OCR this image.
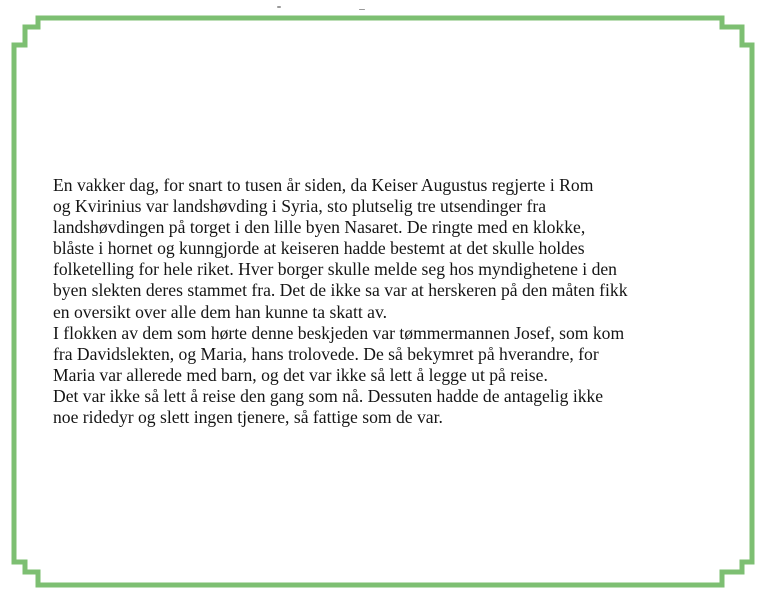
En vakker dag, for snart to tusen år siden, da Keiser Augustus regjerte i Rom
og Kvirinius var landshøvding i Syria, sto plutselig tre utsendinger fra
landshøvdingen på torget i den lille byen Nasaret. De ringte med en klokke,
blåste i hornet og kunngjorde at keiseren hadde bestemt at det skulle holdes
folketelling for hele riket. Hver borger skulle melde seg hos myndighetene i den
byen slekten deres stammet fra. Det de ikke sa var at herskeren på den måten fikk
en oversikt over alle dem han kunne ta skatt av.
I flokken av dem som hørte denne beskjeden var tømmermannen Josef, som kom
fra Davidslekten, og Maria, hans trolovede. De så bekymret på hverandre, for
Maria var allerede med barn, og det var ikke så lett å legge ut på reise.
Det var ikke så lett å reise den gang som nå. Dessuten hadde de antagelig ikke
noe ridedyr og slett ingen tjenere, så fattige som de var.
